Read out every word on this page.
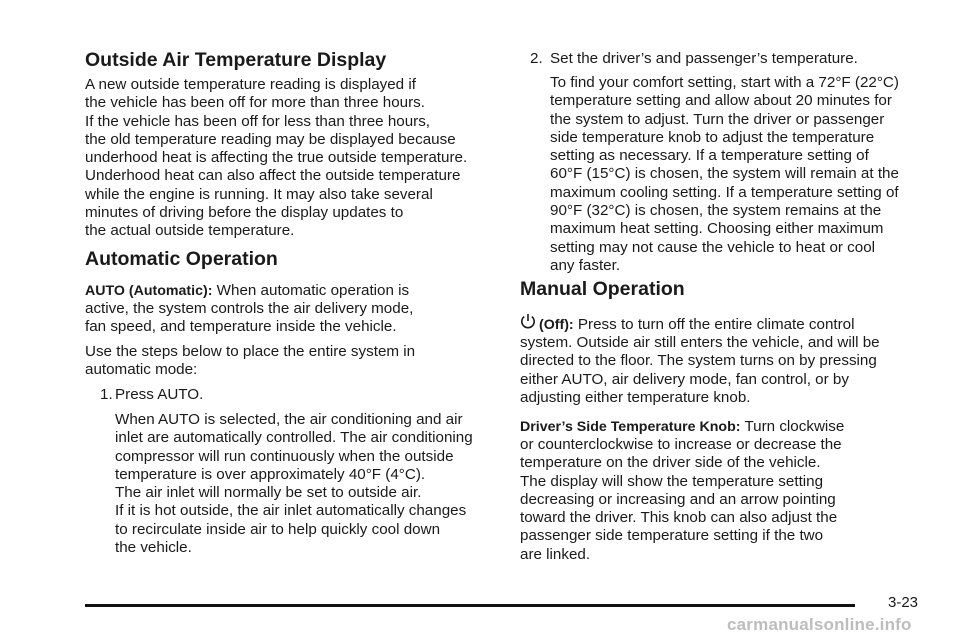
Outside Air Temperature Display

A new outside temperature reading is displayed if
the vehicle has been off for more than three hours.
If the vehicle has been off for less than three hours,
the old temperature reading may be displayed because
underhood heat is affecting the true outside temperature.
Underhood heat can also affect the outside temperature
while the engine is running. It may also take several
minutes of driving before the display updates to
the actual outside temperature.

Automatic Operation

AUTO (Automatic): When automatic operation is

active, the system controls the air delivery mode,
fan speed, and temperature inside the vehicle.

Use the steps below to place the entire system in
automatic mode:

1. Press AUTO.

When AUTO is selected, the air conditioning and air
inlet are automatically controlled. The air conditioning
compressor will run continuously when the outside
temperature is over approximately 40°F (4°C).
The air inlet will normally be set to outside air.
If it is hot outside, the air inlet automatically changes
to recirculate inside air to help quickly cool down
the vehicle.

2. Set the driver’s and passenger’s temperature.

To find your comfort setting, start with a 72°F (22°C)
temperature setting and allow about 20 minutes for
the system to adjust. Turn the driver or passenger
side temperature knob to adjust the temperature
setting as necessary. If a temperature setting of
60°F (15°C) is chosen, the system will remain at the
maximum cooling setting. If a temperature setting of
90°F (32°C) is chosen, the system remains at the
maximum heat setting. Choosing either maximum
setting may not cause the vehicle to heat or cool
any faster.

Manual Operation

(Off): Press to turn off the entire climate control

system. Outside air still enters the vehicle, and will be
directed to the floor. The system turns on by pressing
either AUTO, air delivery mode, fan control, or by
adjusting either temperature knob.

Driver’s Side Temperature Knob: Turn clockwise

or counterclockwise to increase or decrease the
temperature on the driver side of the vehicle.
The display will show the temperature setting
decreasing or increasing and an arrow pointing
toward the driver. This knob can also adjust the
passenger side temperature setting if the two
are linked.

3-23
carmanualsonline.info
